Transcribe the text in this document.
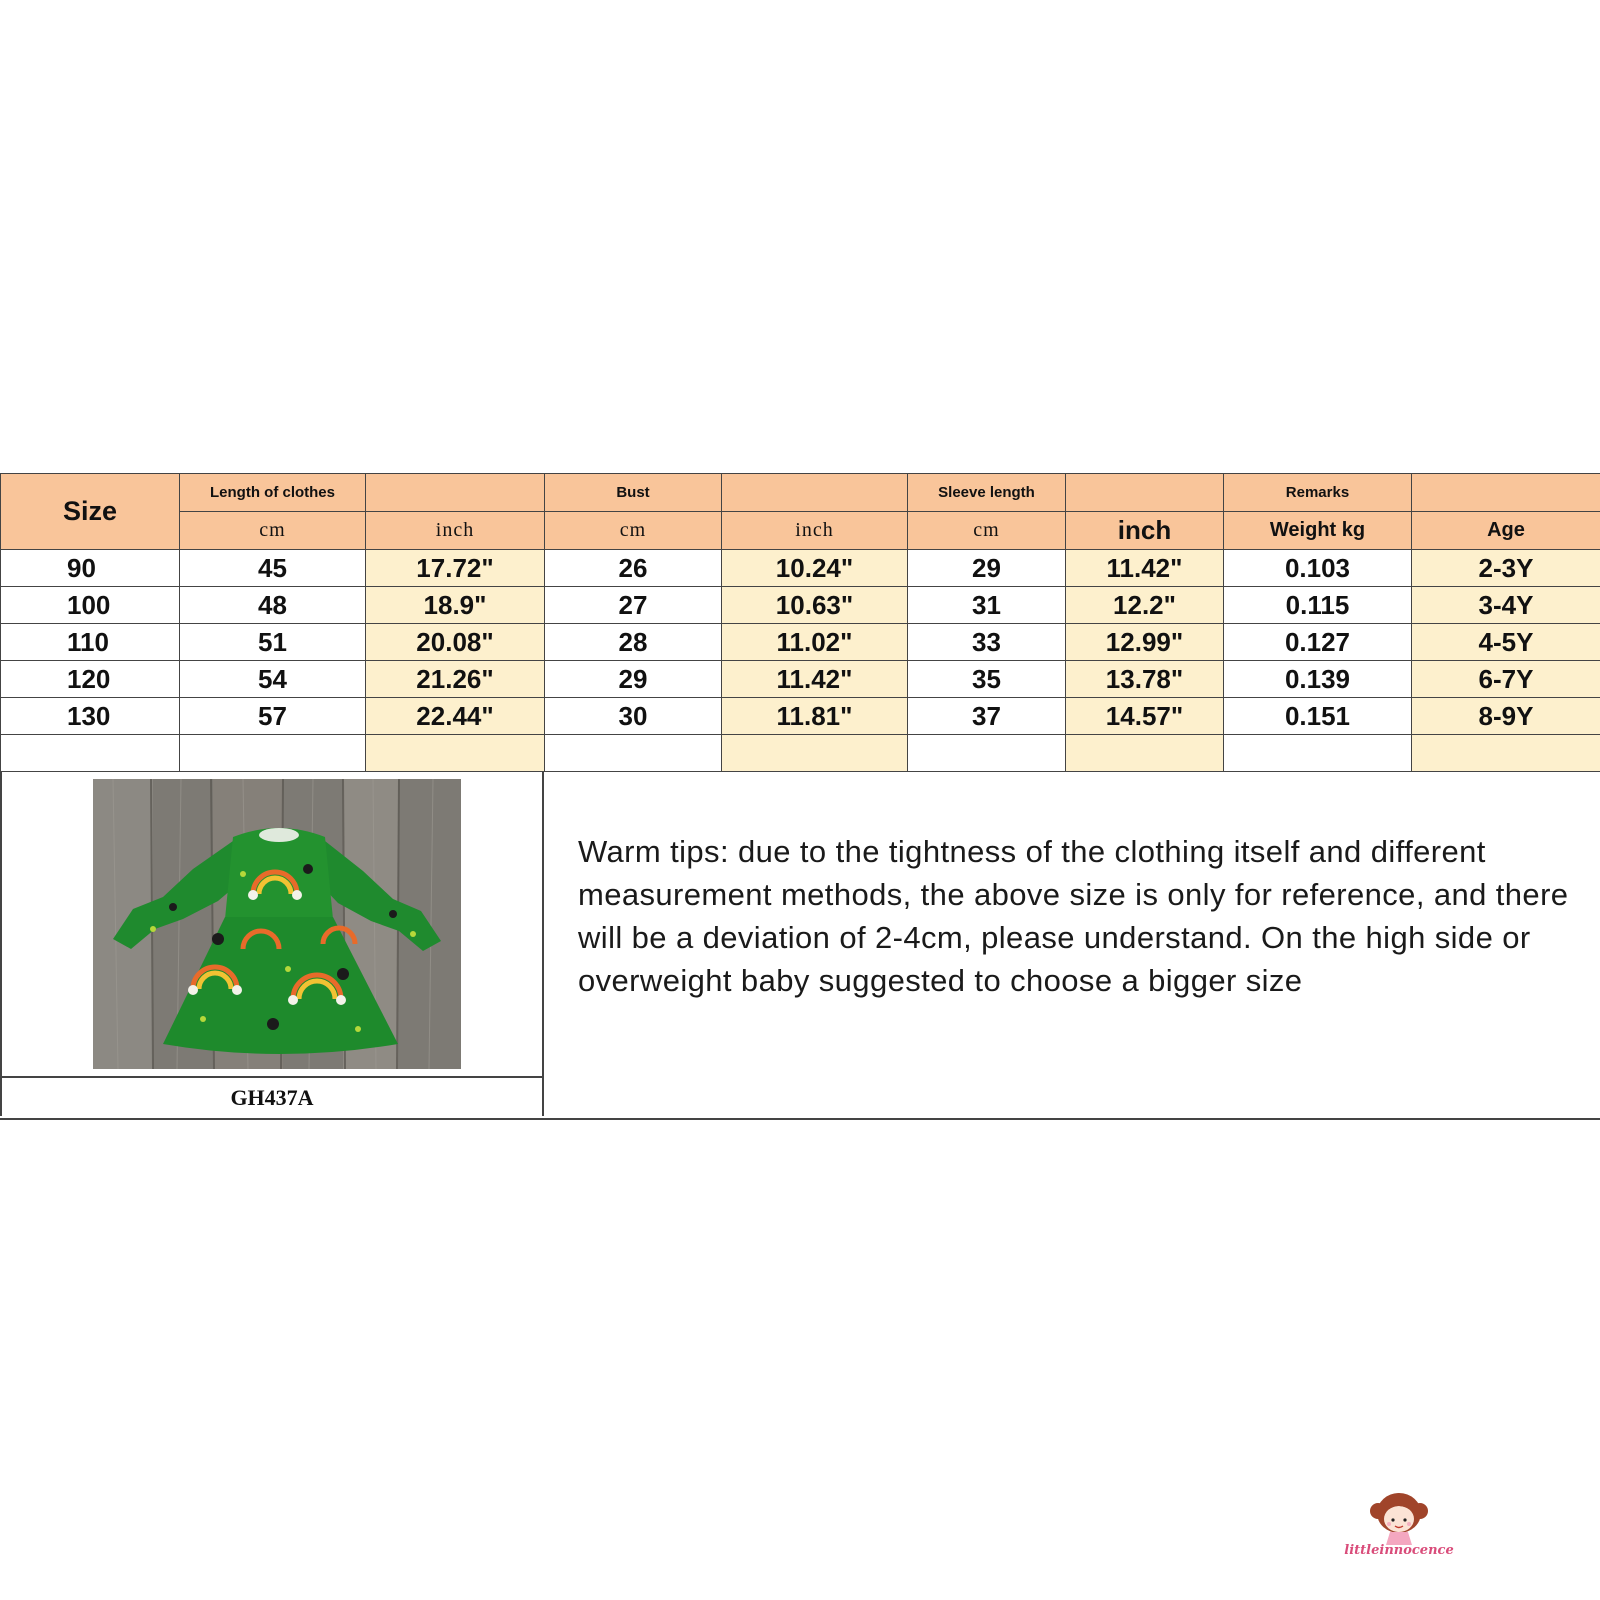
Size	Length of clothes		Bust		Sleeve length		Remarks	
	cm	inch	cm	inch	cm	inch	Weight kg	Age
90	45	17.72"	26	10.24"	29	11.42"	0.103	2-3Y
100	48	18.9"	27	10.63"	31	12.2"	0.115	3-4Y
110	51	20.08"	28	11.02"	33	12.99"	0.127	4-5Y
120	54	21.26"	29	11.42"	35	13.78"	0.139	6-7Y
130	57	22.44"	30	11.81"	37	14.57"	0.151	8-9Y

GH437A
Warm tips: due to the tightness of the clothing itself and different measurement methods, the above size is only for reference, and there will be a deviation of 2-4cm, please understand. On the high side or overweight baby suggested to choose a bigger size
littleinnocence
